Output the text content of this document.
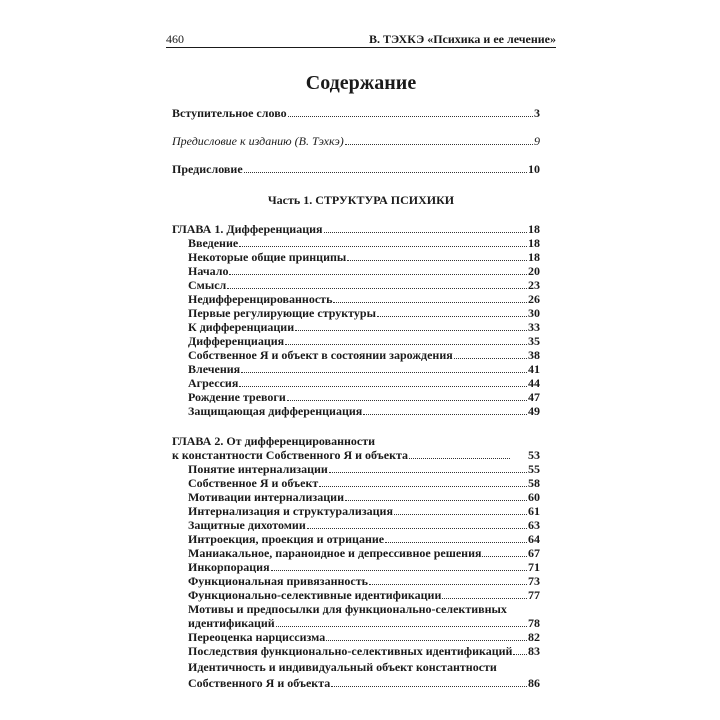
460	В. ТЭХКЭ «Психика и ее лечение»
Содержание
Вступительное слово	3
Предисловие к изданию (В. Тэхкэ)	9
Предисловие	10
Часть 1. СТРУКТУРА ПСИХИКИ
ГЛАВА 1. Дифференциация	18
Введение	18
Некоторые общие принципы	18
Начало	20
Смысл	23
Недифференцированность	26
Первые регулирующие структуры	30
К дифференциации	33
Дифференциация	35
Собственное Я и объект в состоянии зарождения	38
Влечения	41
Агрессия	44
Рождение тревоги	47
Защищающая дифференциация	49
ГЛАВА 2. От дифференцированности
к константности Собственного Я и объекта	53
Понятие интернализации	55
Собственное Я и объект	58
Мотивации интернализации	60
Интернализация и структурализация	61
Защитные дихотомии	63
Интроекция, проекция и отрицание	64
Маниакальное, параноидное и депрессивное решения	67
Инкорпорация	71
Функциональная привязанность	73
Функционально-селективные идентификации	77
Мотивы и предпосылки для функционально-селективных
идентификаций	78
Переоценка нарциссизма	82
Последствия функционально-селективных идентификаций 83
Идентичность и индивидуальный объект константности
Собственного Я и объекта	86
